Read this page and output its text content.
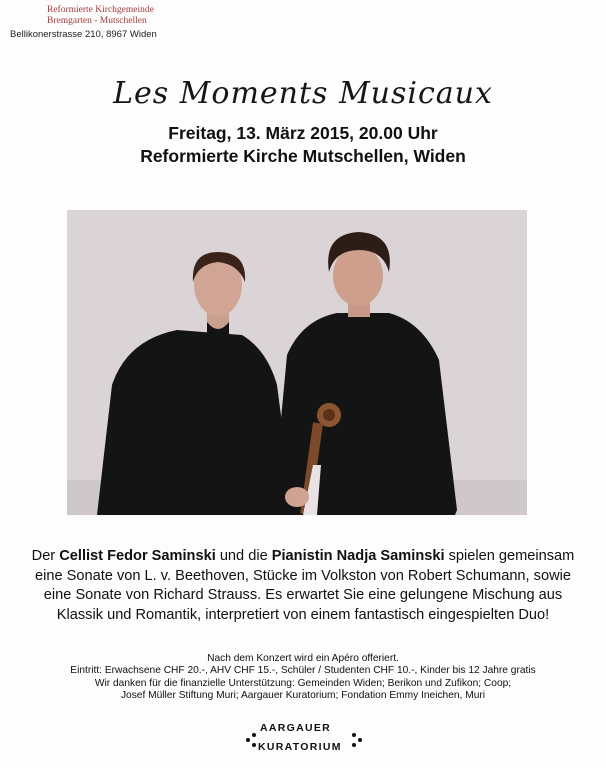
Reformierte Kirchgemeinde
Bremgarten - Mutschellen
Bellikonerstrasse 210, 8967 Widen
Les Moments Musicaux
Freitag, 13. März 2015, 20.00 Uhr
Reformierte Kirche Mutschellen, Widen
Der Cellist Fedor Saminski und die Pianistin Nadja Saminski spielen gemeinsam eine Sonate von L. v. Beethoven, Stücke im Volkston von Robert Schumann, sowie eine Sonate von Richard Strauss. Es erwartet Sie eine gelungene Mischung aus Klassik und Romantik, interpretiert von einem fantastisch eingespielten Duo!
Nach dem Konzert wird ein Apéro offeriert.
Eintritt: Erwachsene CHF 20.-, AHV CHF 15.-, Schüler / Studenten CHF 10.-, Kinder bis 12 Jahre gratis
Wir danken für die finanzielle Unterstützung: Gemeinden Widen; Berikon und Zufikon; Coop;
Josef Müller Stiftung Muri; Aargauer Kuratorium; Fondation Emmy Ineichen, Muri
AARGAUER
KURATORIUM
